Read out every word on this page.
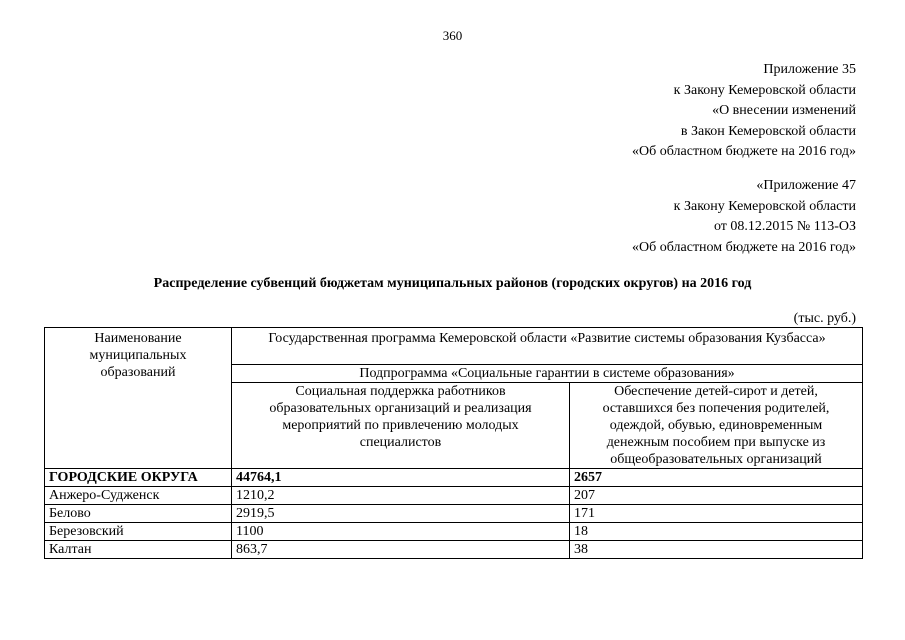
360
Приложение 35
к Закону Кемеровской области
«О внесении изменений
в Закон Кемеровской области
«Об областном бюджете на 2016 год»
«Приложение 47
к Закону Кемеровской области
от 08.12.2015 № 113-ОЗ
«Об областном бюджете на 2016 год»
Распределение субвенций бюджетам муниципальных районов (городских округов) на 2016 год
(тыс. руб.)
Наименование муниципальных образований	Государственная программа Кемеровской области «Развитие системы образования Кузбасса»	
	Подпрограмма «Социальные гарантии в системе образования»	

	Социальная поддержка работников образовательных организаций и реализация мероприятий по привлечению молодых специалистов	Обеспечение детей-сирот и детей, оставшихся без попечения родителей, одеждой, обувью, единовременным денежным пособием при выпуске из общеобразовательных организаций

ГОРОДСКИЕ ОКРУГА	44764,1	2657
Анжеро-Судженск	1210,2	207
Белово	2919,5	171
Березовский	1100	18
Калтан	863,7	38
